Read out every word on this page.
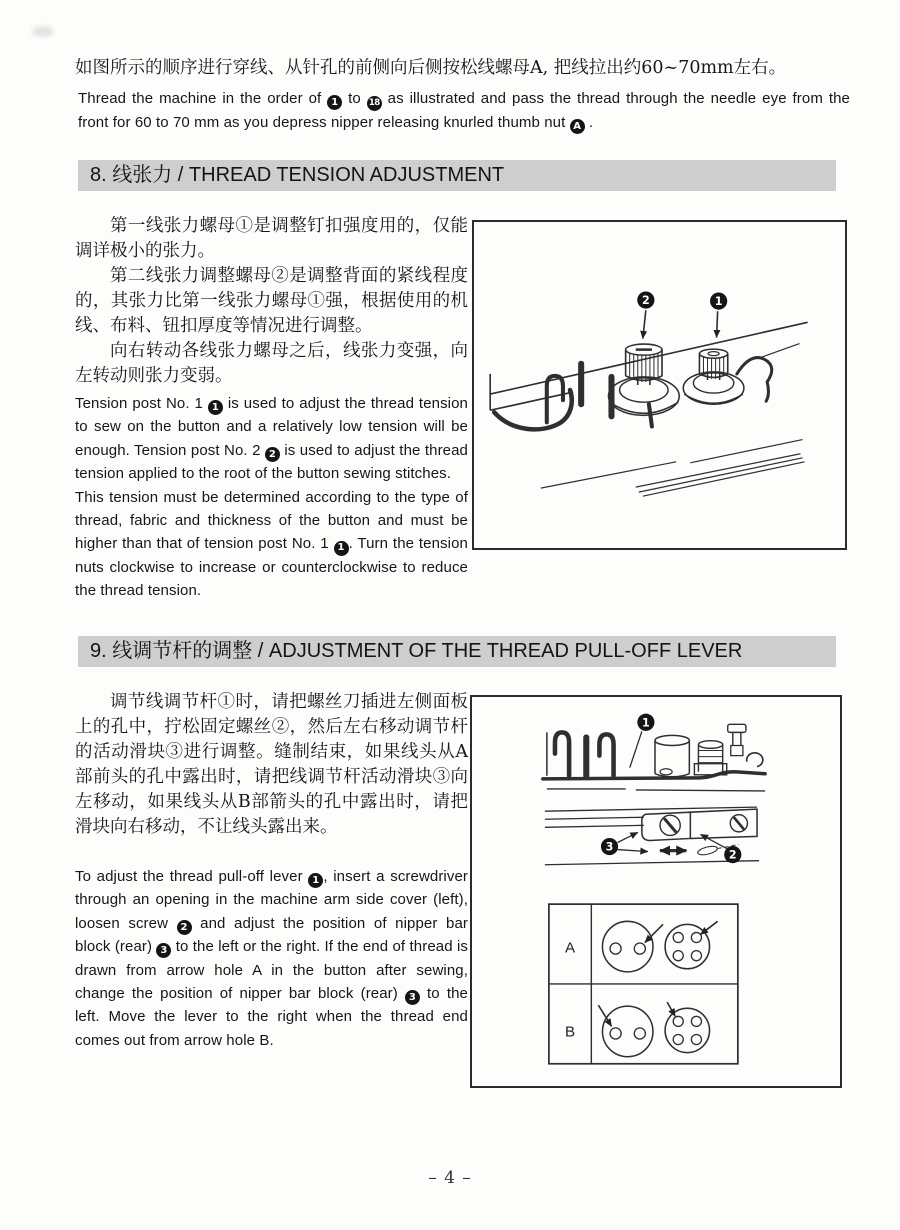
如图所示的顺序进行穿线、从针孔的前侧向后侧按松线螺母A, 把线拉出约60~70mm左右。

Thread the machine in the order of 1 to 18 as illustrated and pass the thread through the needle eye from the front for 60 to 70 mm as you depress nipper releasing knurled thumb nut A .

8. 线张力 / THREAD TENSION ADJUSTMENT

第一线张力螺母①是调整钉扣强度用的，仅能调详极小的张力。

第二线张力调整螺母②是调整背面的紧线程度的，其张力比第一线张力螺母①强，根据使用的机线、布料、钮扣厚度等情况进行调整。

向右转动各线张力螺母之后，线张力变强，向左转动则张力变弱。

Tension post No. 1 1 is used to adjust the thread tension to sew on the button and a relatively low tension will be enough. Tension post No. 2 2 is used to adjust the thread tension applied to the root of the button sewing stitches.

This tension must be determined according to the type of thread, fabric and thickness of the button and must be higher than that of tension post No. 1 1 . Turn the tension nuts clockwise to increase or counterclockwise to reduce the thread tension.

2	1
9. 线调节杆的调整 / ADJUSTMENT OF THE THREAD PULL-OFF LEVER

调节线调节杆①时，请把螺丝刀插进左侧面板上的孔中，拧松固定螺丝②，然后左右移动调节杆的活动滑块③进行调整。缝制结束，如果线头从A部前头的孔中露出时，请把线调节杆活动滑块③向左移动，如果线头从B部箭头的孔中露出时，请把滑块向右移动，不让线头露出来。

To adjust the thread pull-off lever 1 , insert a screwdriver through an opening in the machine arm side cover (left), loosen screw 2 and adjust the position of nipper bar block (rear) 3 to the left or the right. If the end of thread is drawn from arrow hole A in the button after sewing, change the position of nipper bar block (rear) 3 to the left. Move the lever to the right when the thread end comes out from arrow hole B.

1
3
2
A
B
– 4 –
